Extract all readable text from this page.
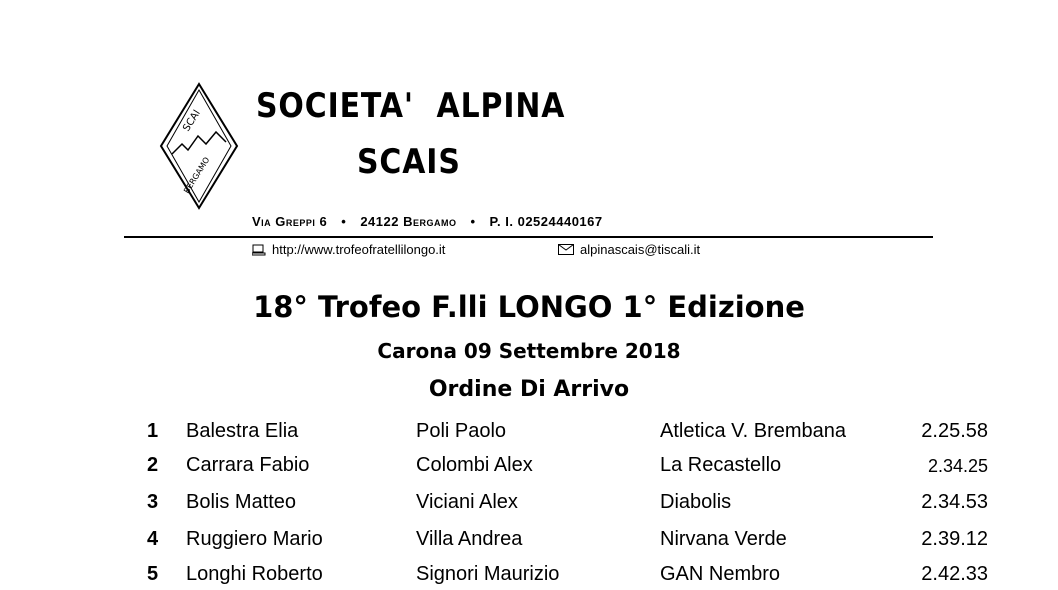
SCAI
BERGAMO
SOCIETA'  ALPINA
SCAIS
Via Greppi 6 • 24122 Bergamo • P. I. 02524440167
http://www.trofeofratellilongo.it	alpinascais@tiscali.it
18° Trofeo F.lli LONGO 1° Edizione
Carona 09 Settembre 2018
Ordine Di Arrivo
1 Balestra Elia	Poli Paolo	Atletica V. Brembana	2.25.58
2 Carrara Fabio	Colombi Alex	La Recastello	2.34.25
3 Bolis Matteo	Viciani Alex	Diabolis	2.34.53
4 Ruggiero Mario	Villa Andrea	Nirvana Verde	2.39.12
5 Longhi Roberto	Signori Maurizio	GAN Nembro	2.42.33
